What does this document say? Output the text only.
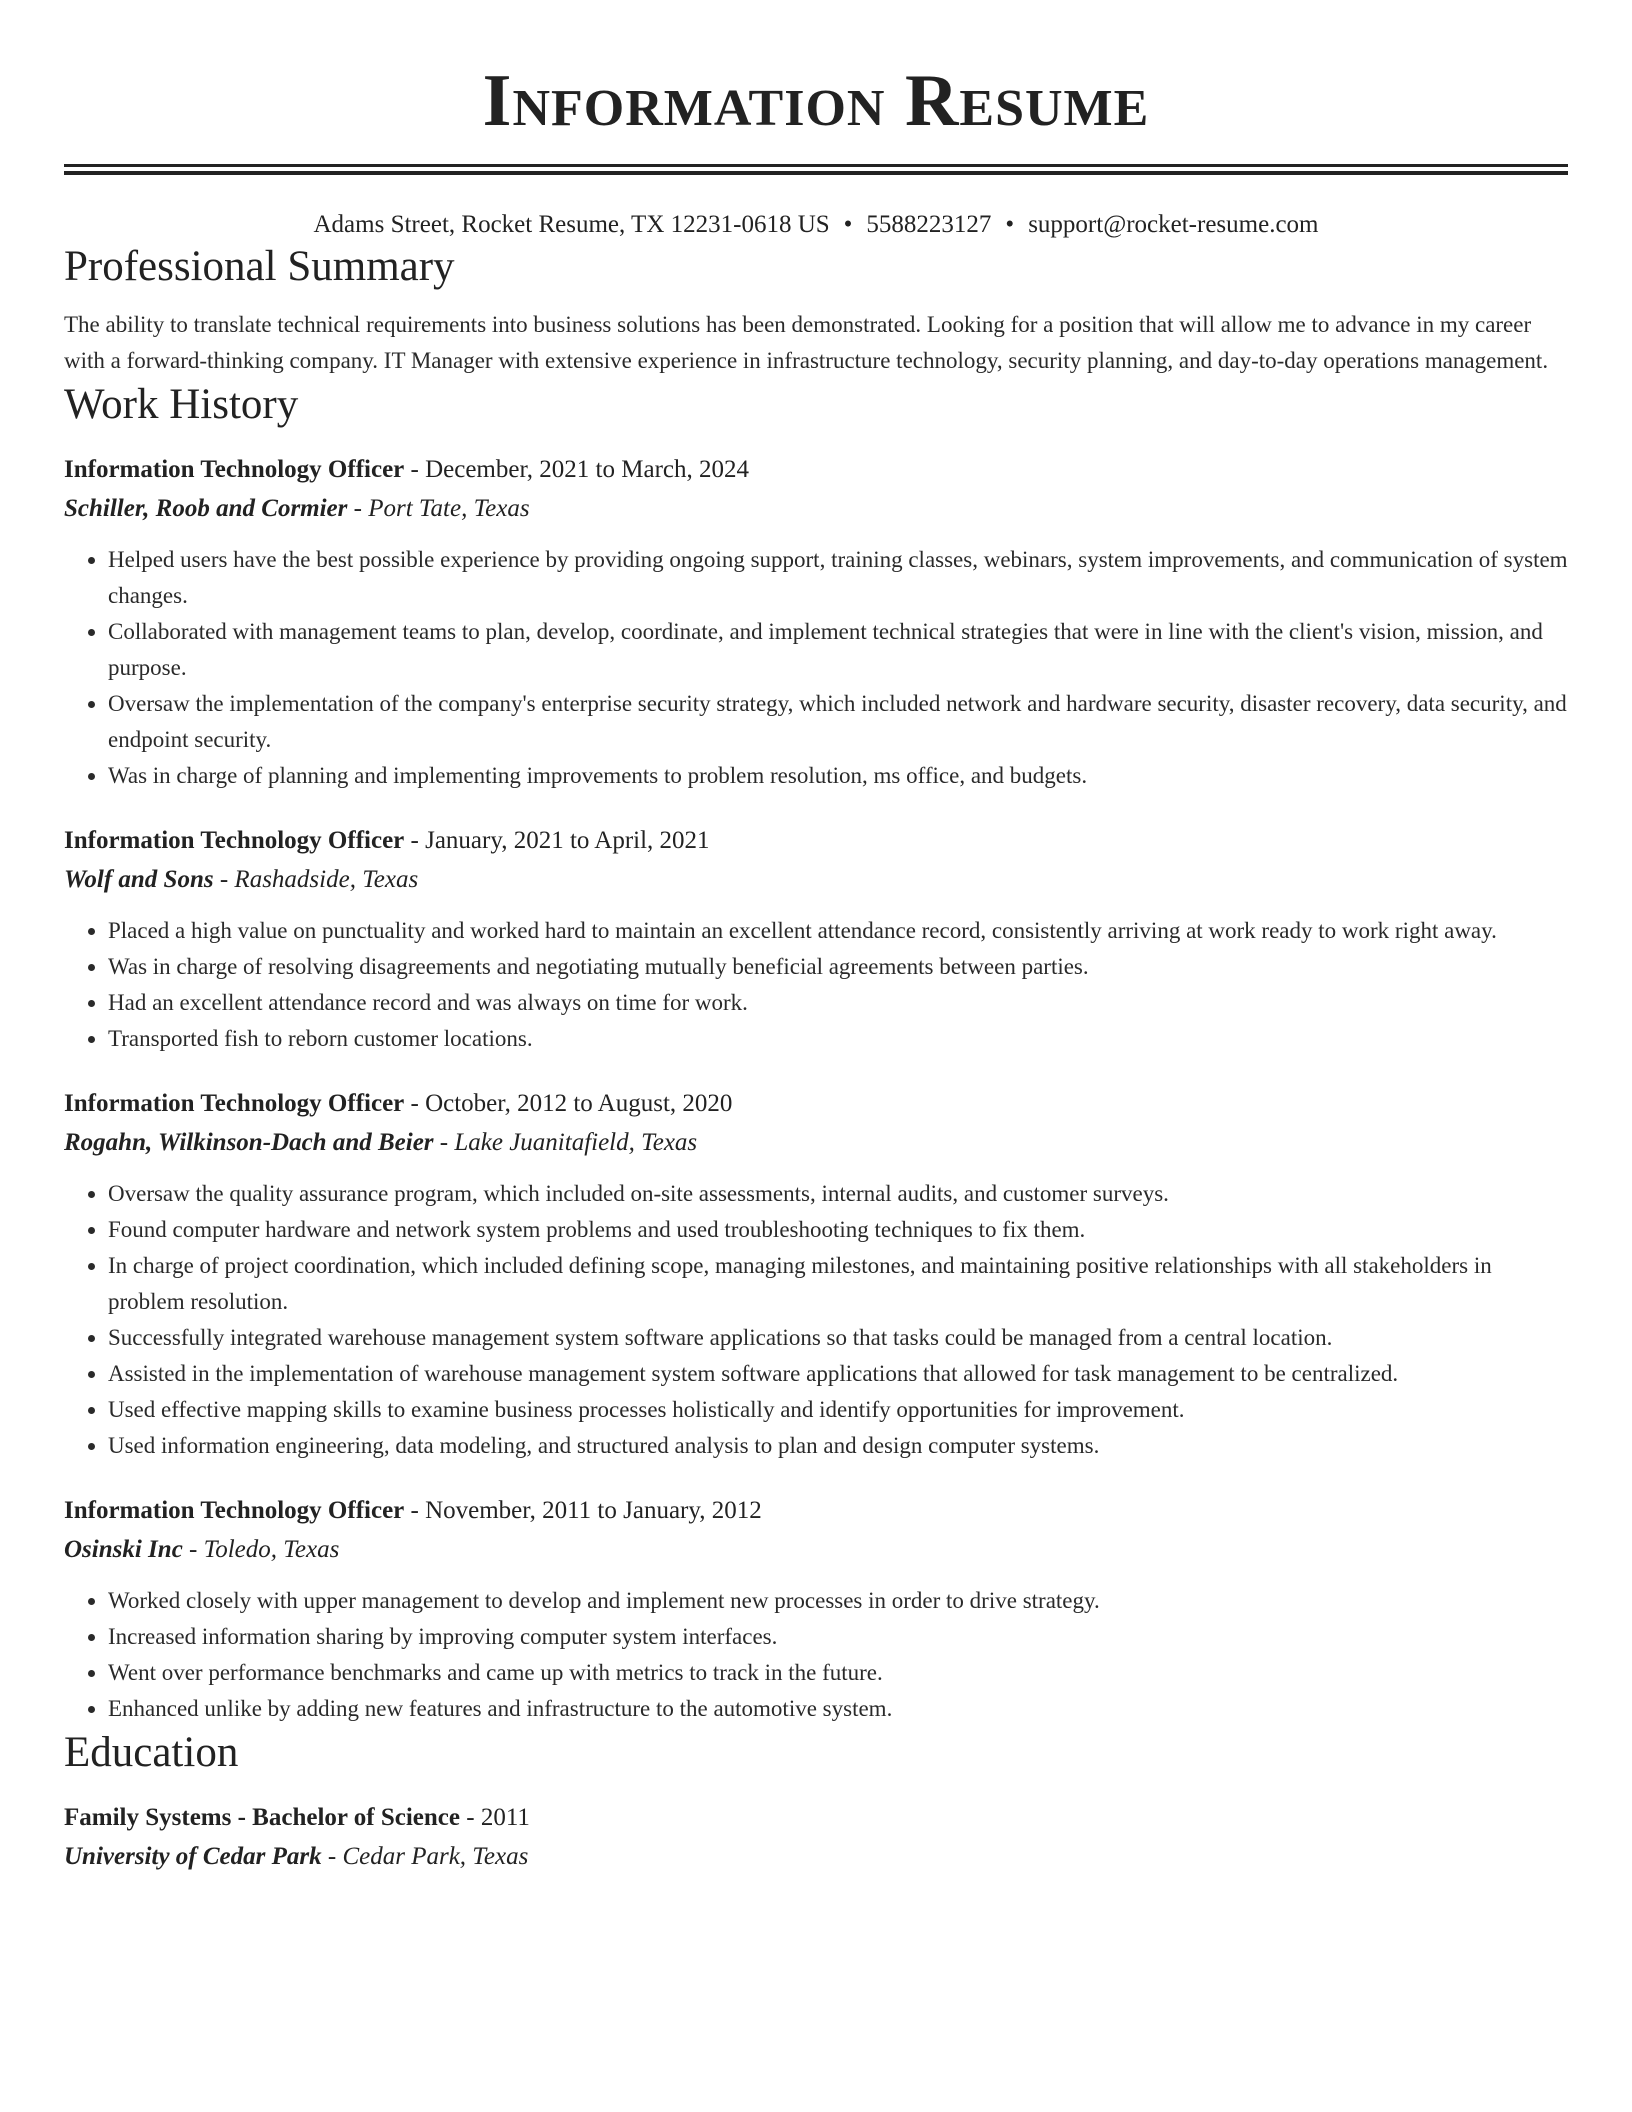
Information Resume
Adams Street, Rocket Resume, TX 12231-0618 US • 5588223127 • support@rocket-resume.com
Professional Summary

The ability to translate technical requirements into business solutions has been demonstrated. Looking for a position that will allow me to advance in my career with a forward-thinking company. IT Manager with extensive experience in infrastructure technology, security planning, and day-to-day operations management.

Work History
Information Technology Officer - December, 2021 to March, 2024
Schiller, Roob and Cormier - Port Tate, Texas
• Helped users have the best possible experience by providing ongoing support, training classes, webinars, system improvements, and communication of system changes.
• Collaborated with management teams to plan, develop, coordinate, and implement technical strategies that were in line with the client's vision, mission, and purpose.
• Oversaw the implementation of the company's enterprise security strategy, which included network and hardware security, disaster recovery, data security, and endpoint security.
• Was in charge of planning and implementing improvements to problem resolution, ms office, and budgets.
Information Technology Officer - January, 2021 to April, 2021
Wolf and Sons - Rashadside, Texas
• Placed a high value on punctuality and worked hard to maintain an excellent attendance record, consistently arriving at work ready to work right away.
• Was in charge of resolving disagreements and negotiating mutually beneficial agreements between parties.
• Had an excellent attendance record and was always on time for work.
• Transported fish to reborn customer locations.
Information Technology Officer - October, 2012 to August, 2020
Rogahn, Wilkinson-Dach and Beier - Lake Juanitafield, Texas
• Oversaw the quality assurance program, which included on-site assessments, internal audits, and customer surveys.
• Found computer hardware and network system problems and used troubleshooting techniques to fix them.
• In charge of project coordination, which included defining scope, managing milestones, and maintaining positive relationships with all stakeholders in problem resolution.
• Successfully integrated warehouse management system software applications so that tasks could be managed from a central location.
• Assisted in the implementation of warehouse management system software applications that allowed for task management to be centralized.
• Used effective mapping skills to examine business processes holistically and identify opportunities for improvement.
• Used information engineering, data modeling, and structured analysis to plan and design computer systems.
Information Technology Officer - November, 2011 to January, 2012
Osinski Inc - Toledo, Texas
• Worked closely with upper management to develop and implement new processes in order to drive strategy.
• Increased information sharing by improving computer system interfaces.
• Went over performance benchmarks and came up with metrics to track in the future.
• Enhanced unlike by adding new features and infrastructure to the automotive system.
Education
Family Systems - Bachelor of Science - 2011
University of Cedar Park - Cedar Park, Texas
